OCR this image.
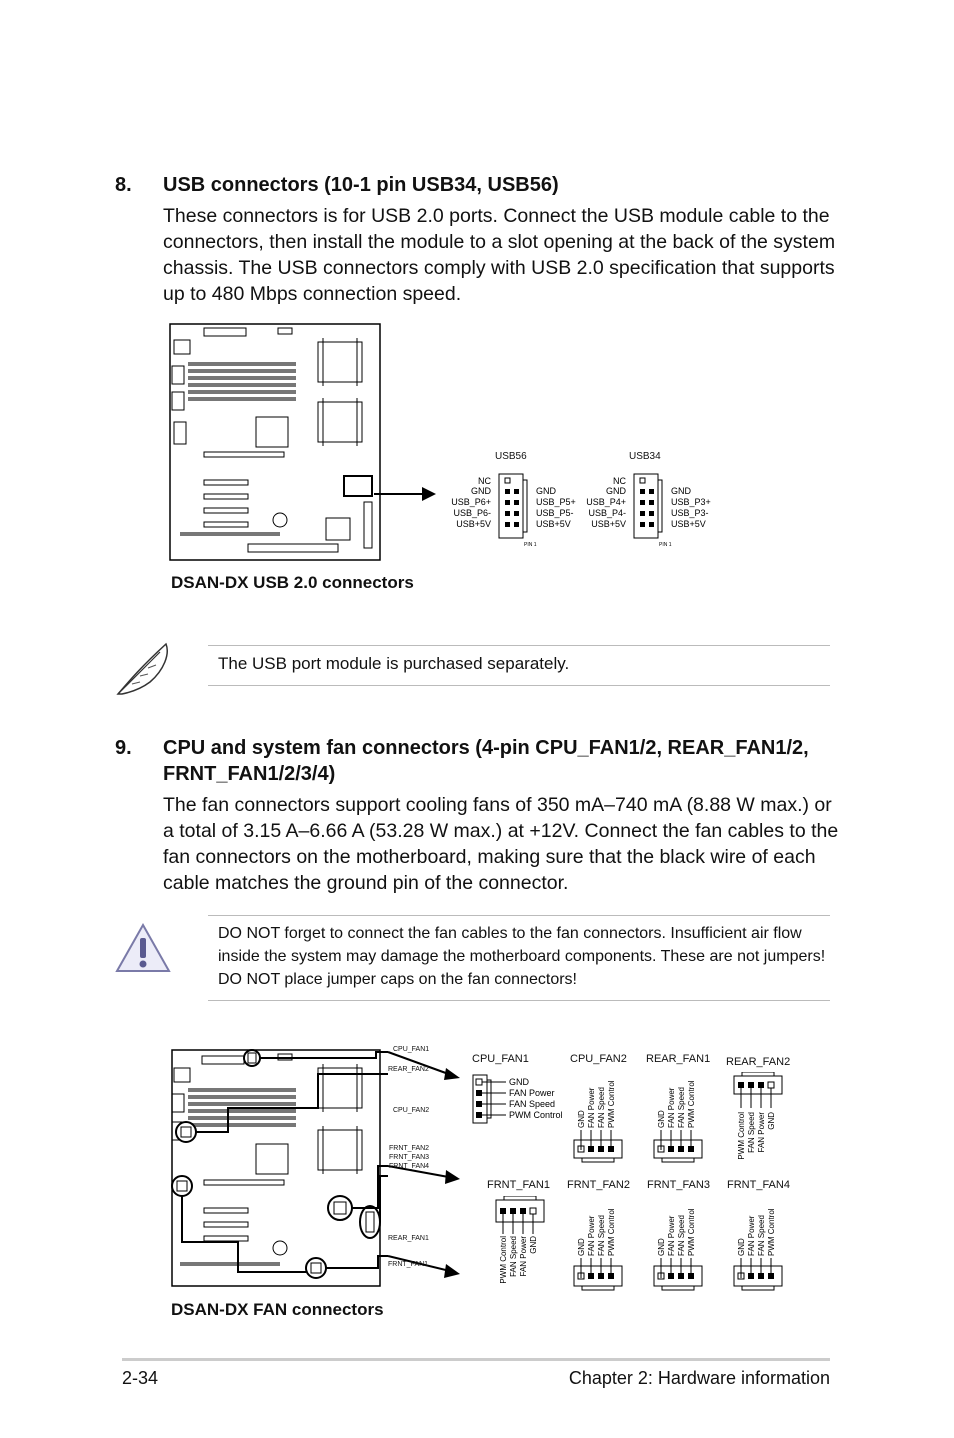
8. USB connectors (10-1 pin USB34, USB56)
These connectors is for USB 2.0 ports. Connect the USB module cable to the connectors, then install the module to a slot opening at the back of the system chassis. The USB connectors comply with USB 2.0 specification that supports up to 480 Mbps connection speed.
USB56
NC
GND
USB_P6+
USB_P6-
USB+5V
GND
USB_P5+
USB_P5-
USB+5V
PIN 1
USB34
NC
GND
USB_P4+
USB_P4-
USB+5V
GND
USB_P3+
USB_P3-
USB+5V
PIN 1
DSAN-DX USB 2.0 connectors
The USB port module is purchased separately.
9. CPU and system fan connectors (4-pin CPU_FAN1/2, REAR_FAN1/2, FRNT_FAN1/2/3/4)
The fan connectors support cooling fans of 350 mA–740 mA (8.88 W max.) or a total of 3.15 A–6.66 A (53.28 W max.) at +12V. Connect the fan cables to the fan connectors on the motherboard, making sure that the black wire of each cable matches the ground pin of the connector.
DO NOT forget to connect the fan cables to the fan connectors. Insufficient air flow inside the system may damage the motherboard components. These are not jumpers! DO NOT place jumper caps on the fan connectors!
CPU_FAN1
REAR_FAN2
CPU_FAN2
FRNT_FAN2
FRNT_FAN3
FRNT_FAN4
REAR_FAN1
FRNT_FAN1
CPU_FAN1
GND
FAN Power
FAN Speed
PWM Control
CPU_FAN2
GND FAN Power FAN Speed PWM Control
REAR_FAN1
GND FAN Power FAN Speed PWM Control
REAR_FAN2
PWM Control FAN Speed FAN Power GND
FRNT_FAN1
PWM Control FAN Speed FAN Power GND
FRNT_FAN2
GND FAN Power FAN Speed PWM Control
FRNT_FAN3
GND FAN Power FAN Speed PWM Control
FRNT_FAN4
GND FAN Power FAN Speed PWM Control
DSAN-DX FAN connectors
2-34	Chapter 2: Hardware information
